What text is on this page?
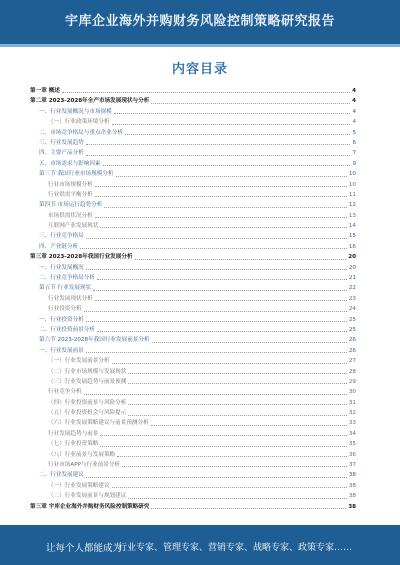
宇库企业海外并购财务风险控制策略研究报告
内容目录
第一章 概述	4
第二章 2023-2028年全产市场发展现状与分析	4
一、行业发展概况与市场规模	4
（一）行业政策环境分析	4
二、市场竞争格局与重点企业分析	5
三、行业发展趋势	6
四、主要产品分析	7
五、市场需求与影响因素	9
第三节 我国行业市场规模分析	10
行业市场规模分析	10
行业供需平衡分析	11
第四节 市场运行趋势分析	12
市场供需状况分析	13
互联网产业发展现状	14
三、行业竞争格局	15
四、产业链分析	16
第三章 2023-2028年我国行业发展分析	20
一、行业发展概况	20
二、行业竞争格局分析	21
第五节 行业发展现状	22
行业发展现状分析	23
行业投资分析	24
一、行业投资分析	25
二、行业投资前景分析	25
第六节 2023-2028年我国行业发展前景分析	26
一、行业发展前景	26
（一）行业发展前景分析	27
（二）行业市场规模与发展现状	28
（三）行业发展趋势与前景预测	29
行业竞争分析	30
（四）行业投资前景与风险分析	31
（五）行业投资机会与风险提示	32
（六）行业发展策略建议与前景预测分析	33
行业发展趋势与前景	34
（七）行业投资策略	35
（八）行业前景与发展策略	36
行业市场APP与行业前景分析	37
二、行业发展建议	38
（一）行业发展策略建议	38
（二）行业发展前景与规划建议	38
第三章 宇库企业海外并购财务风险控制策略研究	38
让每个人都能成为
行业专家、管理专家、营销专家、战略专家、政策专家……
